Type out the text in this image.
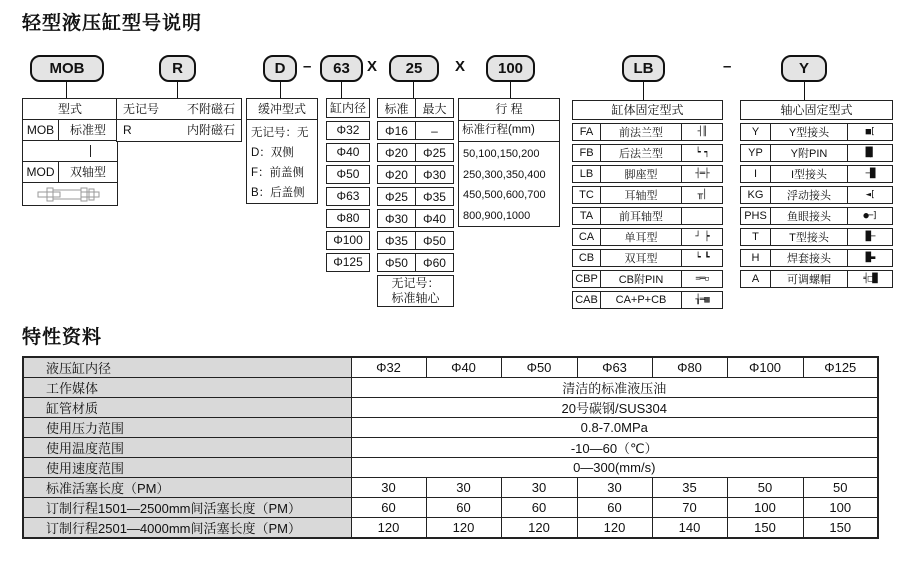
轻型液压缸型号说明
MOB	R	D	–	63	X	25	X	100	LB	–	Y
型式
MOB	标准型
MOD	双轴型
无记号 不附磁石
R	内附磁石
缓冲型式
无记号：无
D：双侧
F：前盖侧
B：后盖侧
缸内径
Φ32
Φ40
Φ50
Φ63
Φ80
Φ100
Φ125
标准	最大
Φ16	–
Φ20	Φ25
Φ20	Φ30
Φ25	Φ35
Φ30	Φ40
Φ35	Φ50
Φ50	Φ60
无记号：
标准轴心
行 程
标准行程(mm)
50,100,150,200
250,300,350,400
450,500,600,700
800,900,1000
缸体固定型式
FA	前法兰型	┤║
FB	后法兰型	┕ ┑
LB	脚座型	┤═├
TC	耳轴型	╥│
TA	前耳轴型
CA	单耳型	┘ ┝
CB	双耳型	┕ ┗
CBP	CB附PIN	=═▫
CAB	CA+P+CB	┧═▦
轴心固定型式
Y	Y型接头	■[
YP	Y附PIN	█▌
I	I型接头	─█
KG	浮动接头	◄[
PHS	鱼眼接头	●─]
T	T型接头	█─
H	焊套接头	█▬
A	可调螺帽	╡□█
特性资料
液压缸内径	Φ32	Φ40	Φ50	Φ63	Φ80	Φ100	Φ125
工作媒体	清洁的标准液压油						
缸管材质	20号碳钢/SUS304						
使用压力范围	0.8-7.0MPa						
使用温度范围	-10—60（℃）						
使用速度范围	0—300(mm/s)						
标准活塞长度（PM）	30	30	30	30	35	50	50
订制行程1501—2500mm间活塞长度（PM）	60	60	60	60	70	100	100
订制行程2501—4000mm间活塞长度（PM）	120	120	120	120	140	150	150
